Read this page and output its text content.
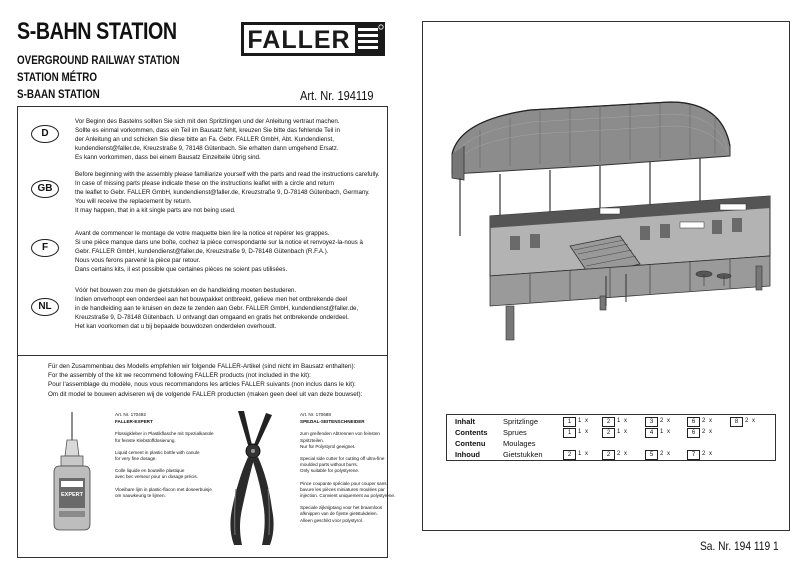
S-BAHN STATION
OVERGROUND RAILWAY STATION
STATION MÉTRO
S-BAAN STATION	Art. Nr. 194119
FALLER
D
Vor Beginn des Bastelns sollten Sie sich mit den Spritzlingen und der Anleitung vertraut machen.
Sollte es einmal vorkommen, dass ein Teil im Bausatz fehlt, kreuzen Sie bitte das fehlende Teil in
der Anleitung an und schicken Sie diese bitte an Fa. Gebr. FALLER GmbH, Abt. Kundendienst,
kundendienst@faller.de, Kreuzstraße 9, 78148 Gütenbach. Sie erhalten dann umgehend Ersatz.
Es kann vorkommen, dass bei einem Bausatz Einzelteile übrig sind.
GB
Before beginning with the assembly please familiarize yourself with the parts and read the instructions carefully.
In case of missing parts please indicate these on the instructions leaflet with a circle and return
the leaflet to Gebr. FALLER GmbH, kundendienst@faller.de, Kreuzstraße 9, D-78148 Gütenbach, Germany.
You will receive the replacement by return.
It may happen, that in a kit single parts are not being used.
F
Avant de commencer le montage de votre maquette bien lire la notice et repérer les grappes.
Si une pièce manque dans une boîte, cochez la pièce correspondante sur la notice et renvoyez-la-nous à
Gebr. FALLER GmbH, kundendienst@faller.de, Kreuzstraße 9, D-78148 Gütenbach (R.F.A.).
Nous vous ferons parvenir la pièce par retour.
Dans certains kits, il est possible que certaines pièces ne soient pas utilisées.
NL
Vóór het bouwen zou men de gietstukken en de handleiding moeten bestuderen.
Indien onverhoopt een onderdeel aan het bouwpakket ontbreekt, gelieve men het ontbrekende deel
in de handleiding aan te kruisen en deze te zenden aan Gebr. FALLER GmbH, kundendienst@faller.de,
Kreuzstraße 9, D-78148 Gütenbach. U ontvangt dan omgaand en gratis het ontbrekende onderdeel.
Het kan voorkomen dat u bij bepaalde bouwdozen onderdelen overhoudt.
Für den Zusammenbau des Modells empfehlen wir folgende FALLER-Artikel (sind nicht im Bausatz enthalten):
For the assembly of the kit we recommend following FALLER products (not included in the kit):
Pour l'assemblage du modèle, nous vous recommandons les articles FALLER suivants (non inclus dans le kit):
Om dit model te bouwen adviseren wij de volgende FALLER producten (maken geen deel uit van deze bouwset):
EXPERT
Art. Nr. 170492
FALLER-EXPERT
Flüssigkleber in Plastikflasche mit Spezialkanüle
für feinste Klebstoffdosierung.
Liquid cement in plastic bottle with canule
for very fine dosage.
Colle liquide en bouteille plastique
avec bec verseur pour un dosage précis.
Vloeibare lijm in plastic-flacon met doseerbuisje
om nauwkeurig te lijmen.
Art. Nr. 170688
SPEZIAL-SEITENSCHNEIDER
zum greifenden Abtrennen von feinsten
Spritzteilen.
Nur für Polystyrol geeignet.
Special side cutter for cutting off ultra-fine
moulded parts without burrs.
Only suitable for polystyrene.
Pince coupante spéciale pour couper sans
bavure les pièces miniatures moulées par
injection. Convient uniquement au polystyrène.
Speciale zijknijptang voor het braamloos
afknippen van de fijnste gietstukdelen.
Alleen geschikt voor polystyrol.
Inhalt	Spritzlinge	1	1 x	2	1 x	3	2 x	6	2 x	8	2 x
Contents Sprues	1	1 x	2	1 x	4	1 x	6	2 x
Contenu Moulages
Inhoud	Gietstukken	2	1 x	2	2 x	5	2 x	7	2 x
Sa. Nr. 194 119 1
